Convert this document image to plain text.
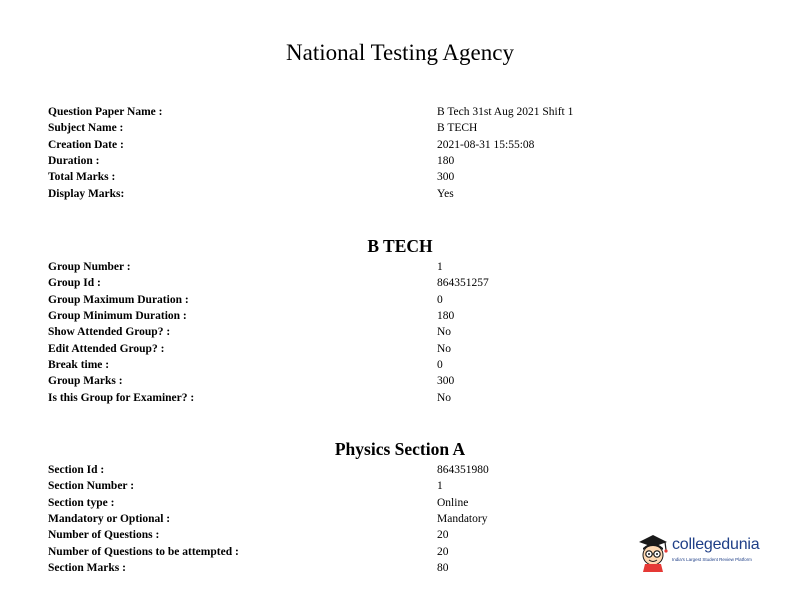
National Testing Agency
Question Paper Name :	B Tech 31st Aug 2021 Shift 1
Subject Name :	B TECH
Creation Date :	2021-08-31 15:55:08
Duration :	180
Total Marks :	300
Display Marks:	Yes
B TECH
Group Number :	1
Group Id :	864351257
Group Maximum Duration :	0
Group Minimum Duration :	180
Show Attended Group? :	No
Edit Attended Group? :	No
Break time :	0
Group Marks :	300
Is this Group for Examiner? :	No
Physics Section A
Section Id :	864351980
Section Number :	1
Section type :	Online
Mandatory or Optional :	Mandatory
Number of Questions :	20
Number of Questions to be attempted :	20
Section Marks :	80
collegedunia
India's Largest Student Review Platform
